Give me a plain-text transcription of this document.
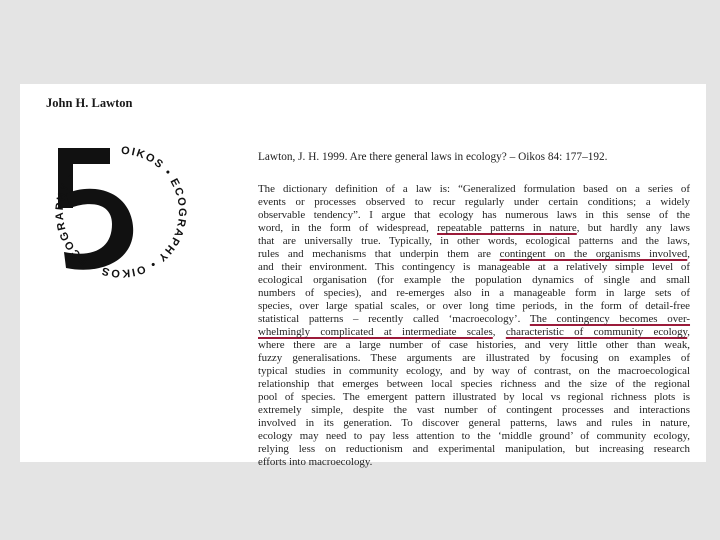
John H. Lawton
OIKOS • ECOGRAPHY • OIKOS • ECOGRAPHY •

Lawton, J. H. 1999. Are there general laws in ecology? – Oikos 84: 177–192.

The dictionary definition of a law is: “Generalized formulation based on a series of
events or processes observed to recur regularly under certain conditions; a widely
observable tendency”. I argue that ecology has numerous laws in this sense of the
word, in the form of widespread, repeatable patterns in nature, but hardly any laws
that are universally true. Typically, in other words, ecological patterns and the laws,
rules and mechanisms that underpin them are contingent on the organisms involved,
and their environment. This contingency is manageable at a relatively simple level of
ecological organisation (for example the population dynamics of single and small
numbers of species), and re-emerges also in a manageable form in large sets of
species, over large spatial scales, or over long time periods, in the form of detail-free
statistical patterns – recently called ‘macroecology’. The contingency becomes over-
whelmingly complicated at intermediate scales, characteristic of community ecology,
where there are a large number of case histories, and very little other than weak,
fuzzy generalisations. These arguments are illustrated by focusing on examples of
typical studies in community ecology, and by way of contrast, on the macroecological
relationship that emerges between local species richness and the size of the regional
pool of species. The emergent pattern illustrated by local vs regional richness plots is
extremely simple, despite the vast number of contingent processes and interactions
involved in its generation. To discover general patterns, laws and rules in nature,
ecology may need to pay less attention to the ‘middle ground’ of community ecology,
relying less on reductionism and experimental manipulation, but increasing research
efforts into macroecology.
